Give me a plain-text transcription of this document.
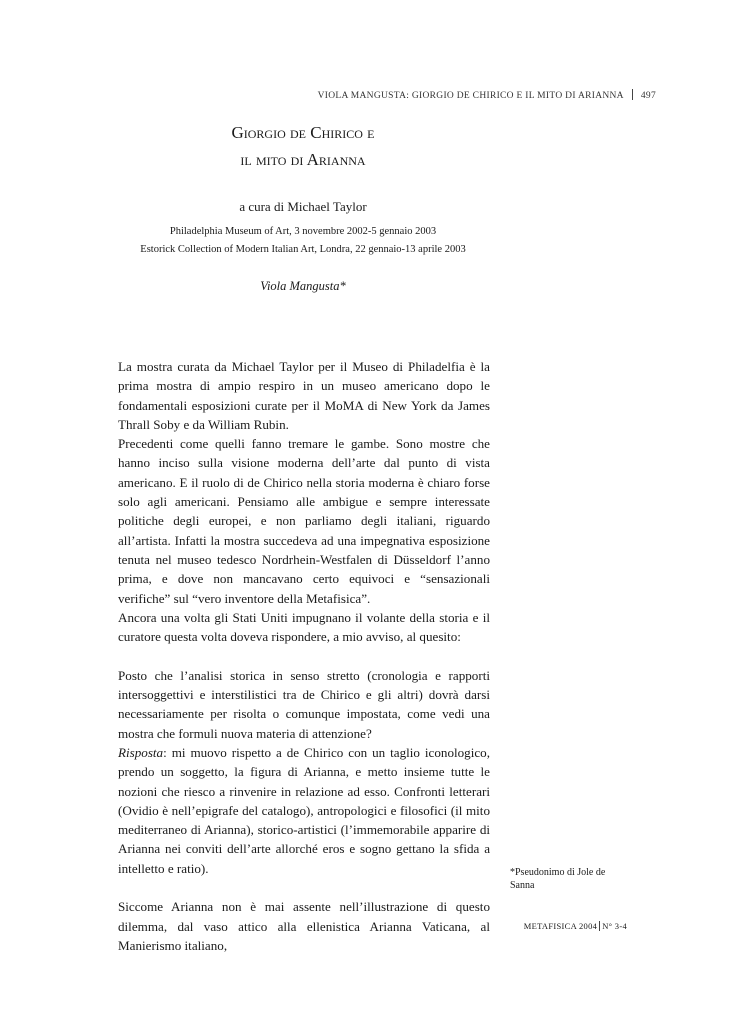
VIOLA MANGUSTA: GIORGIO DE CHIRICO E IL MITO DI ARIANNA 497
Giorgio de Chirico e
il mito di Arianna
a cura di Michael Taylor
Philadelphia Museum of Art, 3 novembre 2002-5 gennaio 2003
Estorick Collection of Modern Italian Art, Londra, 22 gennaio-13 aprile 2003
Viola Mangusta*

La mostra curata da Michael Taylor per il Museo di Philadelfia è la prima mostra di ampio respiro in un museo americano dopo le fondamentali esposizioni curate per il MoMA di New York da James Thrall Soby e da William Rubin.

Precedenti come quelli fanno tremare le gambe. Sono mostre che hanno inciso sulla visione moderna dell’arte dal punto di vista americano. E il ruolo di de Chirico nella storia moderna è chiaro forse solo agli americani. Pensiamo alle ambigue e sempre interessate politiche degli europei, e non parliamo degli italiani, riguardo all’artista. Infatti la mostra succedeva ad una impegnativa esposizione tenuta nel museo tedesco Nordrhein-Westfalen di Düsseldorf l’anno prima, e dove non mancavano certo equivoci e “sensazionali verifiche” sul “vero inventore della Metafisica”.

Ancora una volta gli Stati Uniti impugnano il volante della storia e il curatore questa volta doveva rispondere, a mio avviso, al quesito:

Posto che l’analisi storica in senso stretto (cronologia e rapporti intersoggettivi e interstilistici tra de Chirico e gli altri) dovrà darsi necessariamente per risolta o comunque impostata, come vedi una mostra che formuli nuova materia di attenzione?

Risposta: mi muovo rispetto a de Chirico con un taglio iconologico, prendo un soggetto, la figura di Arianna, e metto insieme tutte le nozioni che riesco a rinvenire in relazione ad esso. Confronti letterari (Ovidio è nell’epigrafe del catalogo), antropologici e filosofici (il mito mediterraneo di Arianna), storico-artistici (l’immemorabile apparire di Arianna nei conviti dell’arte allorché eros e sogno gettano la sfida a intelletto e ratio).

Siccome Arianna non è mai assente nell’illustrazione di questo dilemma, dal vaso attico alla ellenistica Arianna Vaticana, al Manierismo italiano,

*Pseudonimo di Jole de Sanna
METAFISICA 2004 N° 3-4
